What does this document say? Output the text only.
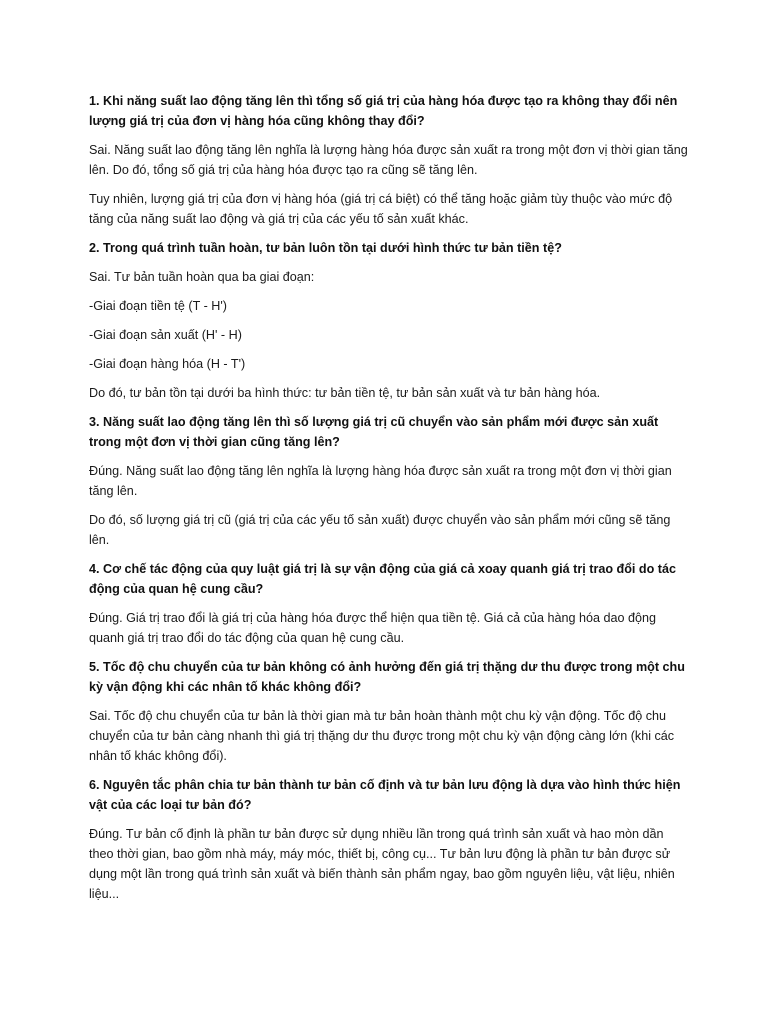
1. Khi năng suất lao động tăng lên thì tổng số giá trị của hàng hóa được tạo ra không thay đổi nên lượng giá trị của đơn vị hàng hóa cũng không thay đổi?

Sai. Năng suất lao động tăng lên nghĩa là lượng hàng hóa được sản xuất ra trong một đơn vị thời gian tăng lên. Do đó, tổng số giá trị của hàng hóa được tạo ra cũng sẽ tăng lên.

Tuy nhiên, lượng giá trị của đơn vị hàng hóa (giá trị cá biệt) có thể tăng hoặc giảm tùy thuộc vào mức độ tăng của năng suất lao động và giá trị của các yếu tố sản xuất khác.

2. Trong quá trình tuần hoàn, tư bản luôn tồn tại dưới hình thức tư bản tiền tệ?

Sai. Tư bản tuần hoàn qua ba giai đoạn:

-Giai đoạn tiền tệ (T - H')

-Giai đoạn sản xuất (H' - H)

-Giai đoạn hàng hóa (H - T')

Do đó, tư bản tồn tại dưới ba hình thức: tư bản tiền tệ, tư bản sản xuất và tư bản hàng hóa.

3. Năng suất lao động tăng lên thì số lượng giá trị cũ chuyển vào sản phẩm mới được sản xuất trong một đơn vị thời gian cũng tăng lên?

Đúng. Năng suất lao động tăng lên nghĩa là lượng hàng hóa được sản xuất ra trong một đơn vị thời gian tăng lên.

Do đó, số lượng giá trị cũ (giá trị của các yếu tố sản xuất) được chuyển vào sản phẩm mới cũng sẽ tăng lên.

4. Cơ chế tác động của quy luật giá trị là sự vận động của giá cả xoay quanh giá trị trao đổi do tác động của quan hệ cung cầu?

Đúng. Giá trị trao đổi là giá trị của hàng hóa được thể hiện qua tiền tệ. Giá cả của hàng hóa dao động quanh giá trị trao đổi do tác động của quan hệ cung cầu.

5. Tốc độ chu chuyển của tư bản không có ảnh hưởng đến giá trị thặng dư thu được trong một chu kỳ vận động khi các nhân tố khác không đổi?

Sai. Tốc độ chu chuyển của tư bản là thời gian mà tư bản hoàn thành một chu kỳ vận động. Tốc độ chu chuyển của tư bản càng nhanh thì giá trị thặng dư thu được trong một chu kỳ vận động càng lớn (khi các nhân tố khác không đổi).

6. Nguyên tắc phân chia tư bản thành tư bản cố định và tư bản lưu động là dựa vào hình thức hiện vật của các loại tư bản đó?

Đúng. Tư bản cố định là phần tư bản được sử dụng nhiều lần trong quá trình sản xuất và hao mòn dần theo thời gian, bao gồm nhà máy, máy móc, thiết bị, công cụ... Tư bản lưu động là phần tư bản được sử dụng một lần trong quá trình sản xuất và biến thành sản phẩm ngay, bao gồm nguyên liệu, vật liệu, nhiên liệu...
